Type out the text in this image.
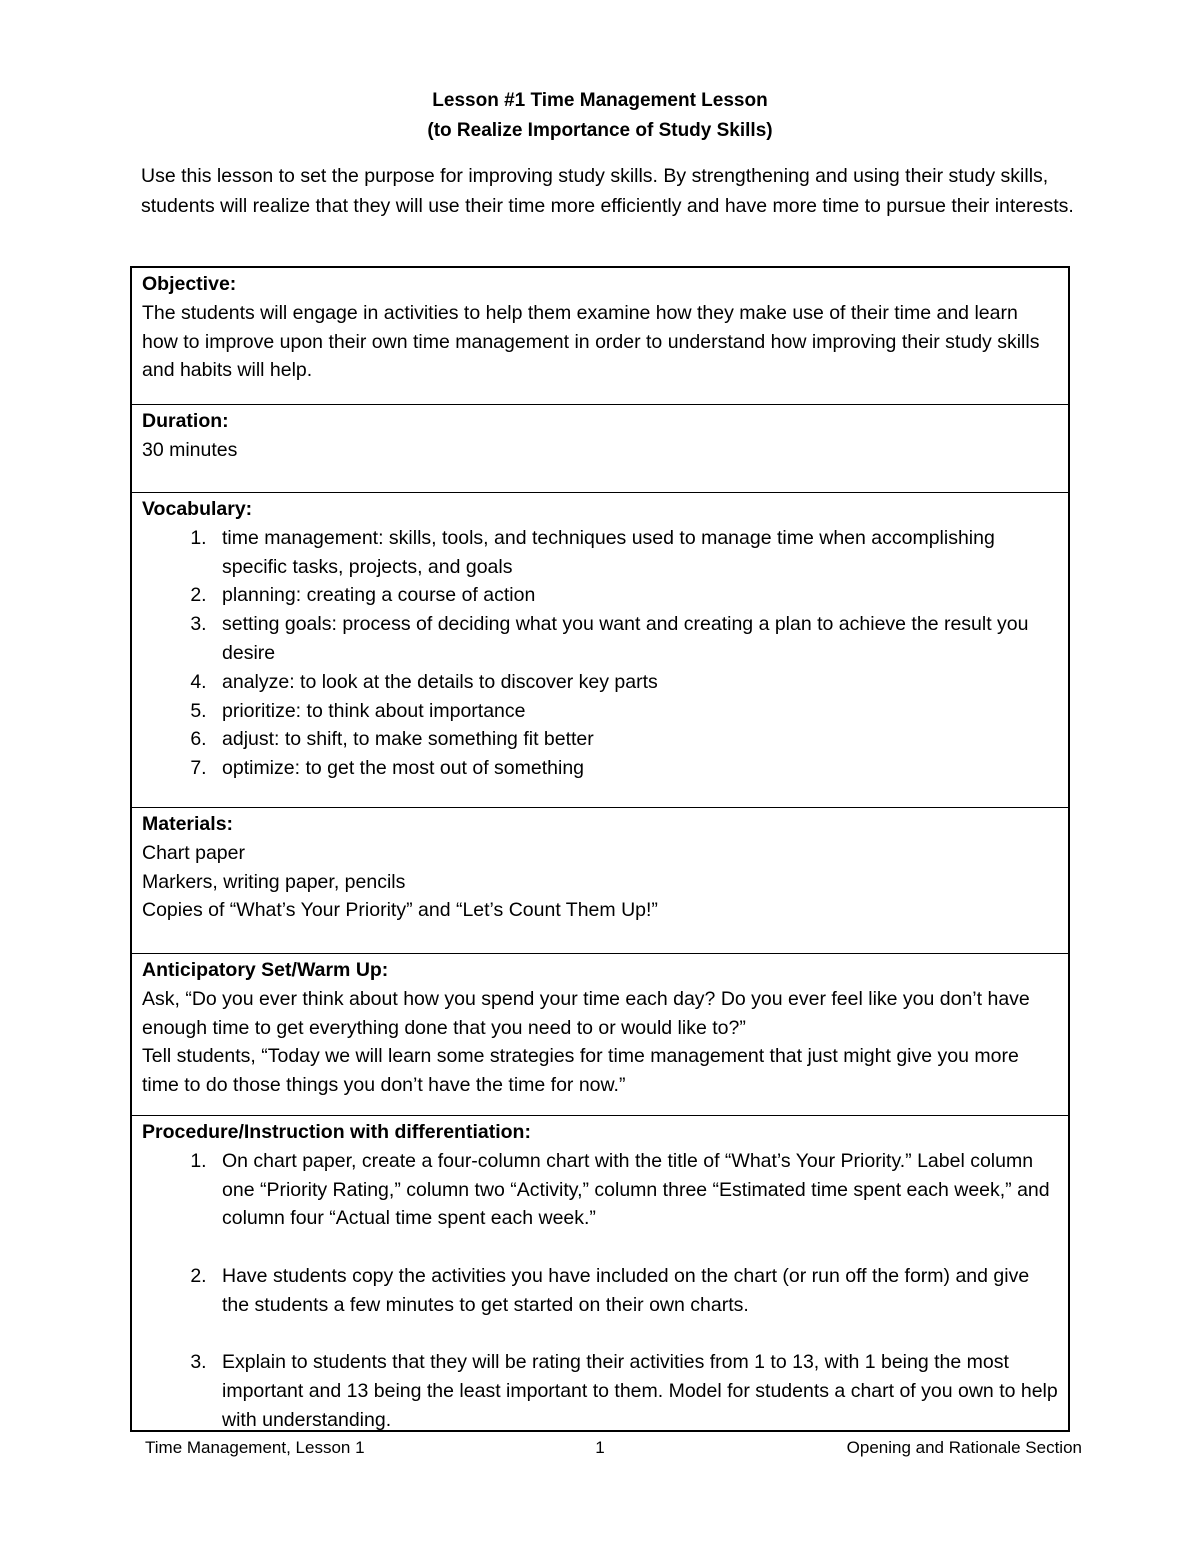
Lesson #1 Time Management Lesson
(to Realize Importance of Study Skills)

Use this lesson to set the purpose for improving study skills. By strengthening and using their study skills, students will realize that they will use their time more efficiently and have more time to pursue their interests.

Objective:

The students will engage in activities to help them examine how they make use of their time and learn how to improve upon their own time management in order to understand how improving their study skills and habits will help.

Duration:

30 minutes

Vocabulary:
1. time management: skills, tools, and techniques used to manage time when accomplishing specific tasks, projects, and goals
2. planning: creating a course of action
3. setting goals: process of deciding what you want and creating a plan to achieve the result you desire
4. analyze: to look at the details to discover key parts
5. prioritize: to think about importance
6. adjust: to shift, to make something fit better
7. optimize: to get the most out of something
Materials:

Chart paper

Markers, writing paper, pencils

Copies of “What’s Your Priority” and “Let’s Count Them Up!”

Anticipatory Set/Warm Up:

Ask, “Do you ever think about how you spend your time each day? Do you ever feel like you don’t have enough time to get everything done that you need to or would like to?”

Tell students, “Today we will learn some strategies for time management that just might give you more time to do those things you don’t have the time for now.”

Procedure/Instruction with differentiation:
1. On chart paper, create a four-column chart with the title of “What’s Your Priority.” Label column one “Priority Rating,” column two “Activity,” column three “Estimated time spent each week,” and column four “Actual time spent each week.”
2. Have students copy the activities you have included on the chart (or run off the form) and give the students a few minutes to get started on their own charts.
3. Explain to students that they will be rating their activities from 1 to 13, with 1 being the most important and 13 being the least important to them. Model for students a chart of you own to help with understanding.
Time Management, Lesson 1	1	Opening and Rationale Section
